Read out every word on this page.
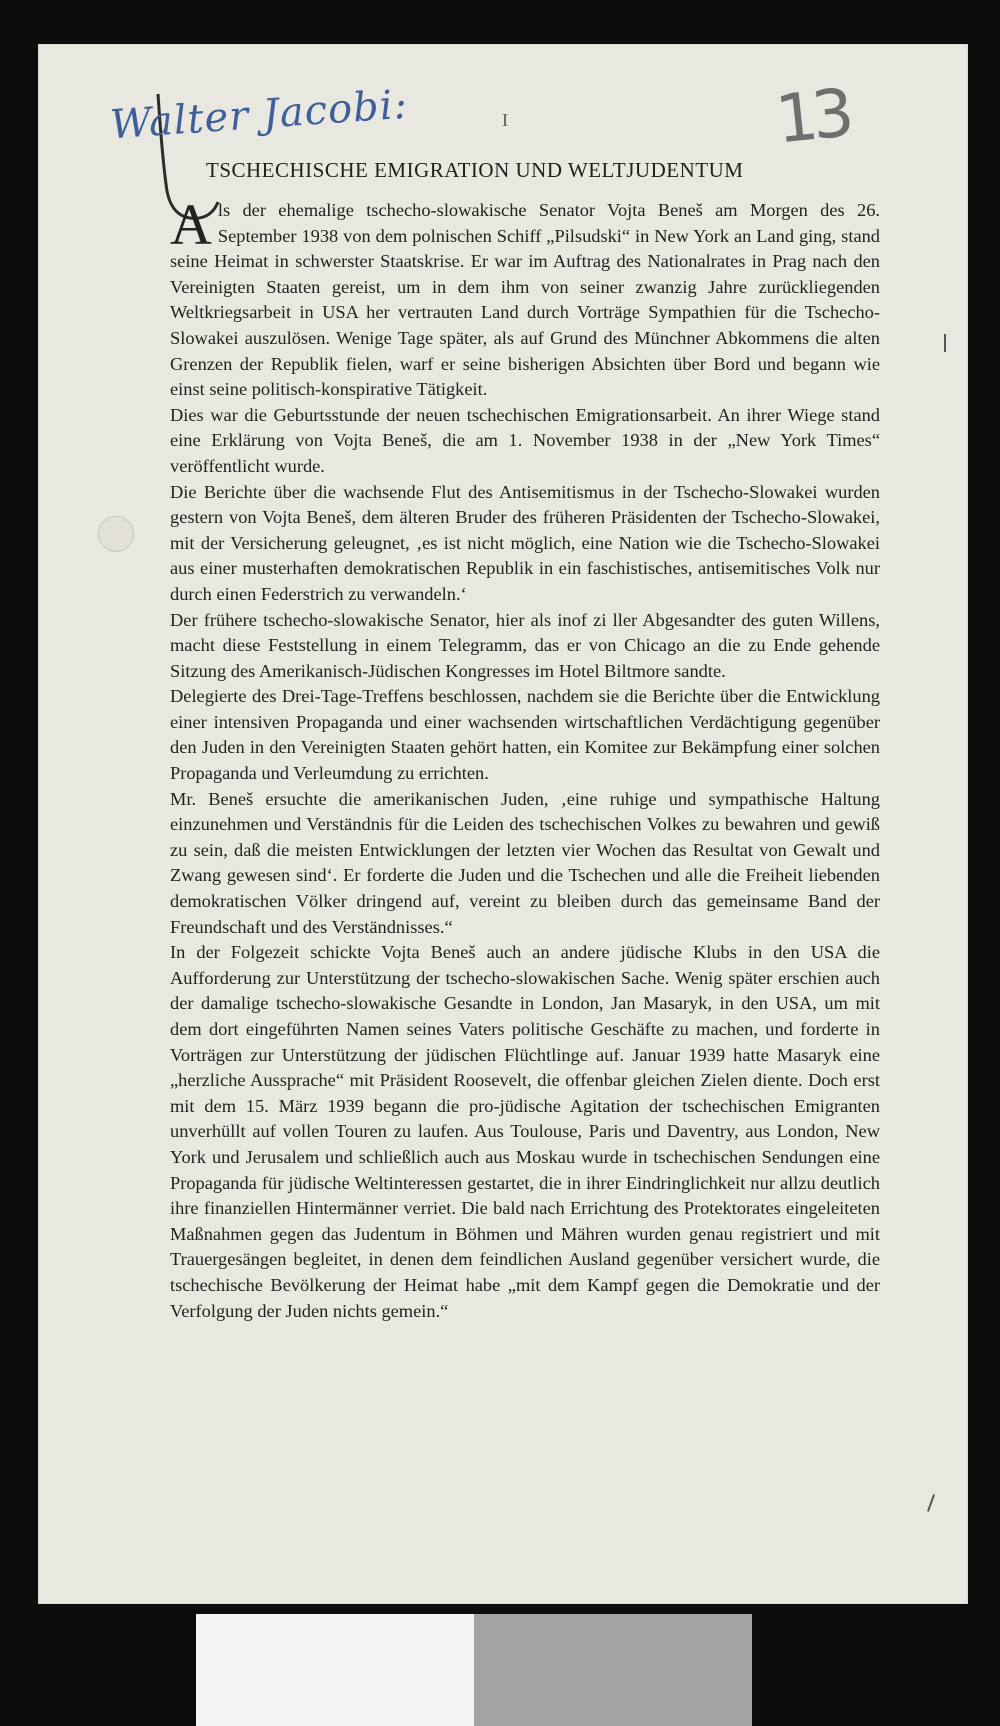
Walter Jacobi:	I	13
TSCHECHISCHE EMIGRATION UND WELTJUDENTUM

Als der ehemalige tschecho-slowakische Senator Vojta Beneš am Morgen des 26. September 1938 von dem polnischen Schiff „Pilsudski“ in New York an Land ging, stand seine Heimat in schwerster Staatskrise. Er war im Auftrag des Nationalrates in Prag nach den Vereinigten Staaten gereist, um in dem ihm von seiner zwanzig Jahre zurückliegenden Weltkriegsarbeit in USA her vertrauten Land durch Vorträge Sympathien für die Tschecho-Slowakei auszulösen. Wenige Tage später, als auf Grund des Münchner Abkommens die alten Grenzen der Republik fielen, warf er seine bisherigen Absichten über Bord und begann wie einst seine politisch-konspirative Tätigkeit.

Dies war die Geburtsstunde der neuen tschechischen Emigrationsarbeit. An ihrer Wiege stand eine Erklärung von Vojta Beneš, die am 1. November 1938 in der „New York Times“ veröffentlicht wurde.

Die Berichte über die wachsende Flut des Antisemitismus in der Tschecho-Slowakei wurden gestern von Vojta Beneš, dem älteren Bruder des früheren Präsidenten der Tschecho-Slowakei, mit der Versicherung geleugnet, ‚es ist nicht möglich, eine Nation wie die Tschecho-Slowakei aus einer musterhaften demokratischen Republik in ein faschistisches, antisemitisches Volk nur durch einen Federstrich zu verwandeln.‘

Der frühere tschecho-slowakische Senator, hier als inof zi ller Abgesandter des guten Willens, macht diese Feststellung in einem Telegramm, das er von Chicago an die zu Ende gehende Sitzung des Amerikanisch-Jüdischen Kongresses im Hotel Biltmore sandte.

Delegierte des Drei-Tage-Treffens beschlossen, nachdem sie die Berichte über die Entwicklung einer intensiven Propaganda und einer wachsenden wirtschaftlichen Verdächtigung gegenüber den Juden in den Vereinigten Staaten gehört hatten, ein Komitee zur Bekämpfung einer solchen Propaganda und Verleumdung zu errichten.

Mr. Beneš ersuchte die amerikanischen Juden, ‚eine ruhige und sympathische Haltung einzunehmen und Verständnis für die Leiden des tschechischen Volkes zu bewahren und gewiß zu sein, daß die meisten Entwicklungen der letzten vier Wochen das Resultat von Gewalt und Zwang gewesen sind‘. Er forderte die Juden und die Tschechen und alle die Freiheit liebenden demokratischen Völker dringend auf, vereint zu bleiben durch das gemeinsame Band der Freundschaft und des Verständnisses.“

In der Folgezeit schickte Vojta Beneš auch an andere jüdische Klubs in den USA die Aufforderung zur Unterstützung der tschecho-slowakischen Sache. Wenig später erschien auch der damalige tschecho-slowakische Gesandte in London, Jan Masaryk, in den USA, um mit dem dort eingeführten Namen seines Vaters politische Geschäfte zu machen, und forderte in Vorträgen zur Unterstützung der jüdischen Flüchtlinge auf. Januar 1939 hatte Masaryk eine „herzliche Aussprache“ mit Präsident Roosevelt, die offenbar gleichen Zielen diente. Doch erst mit dem 15. März 1939 begann die pro-jüdische Agitation der tschechischen Emigranten unverhüllt auf vollen Touren zu laufen. Aus Toulouse, Paris und Daventry, aus London, New York und Jerusalem und schließlich auch aus Moskau wurde in tschechischen Sendungen eine Propaganda für jüdische Weltinteressen gestartet, die in ihrer Eindringlichkeit nur allzu deutlich ihre finanziellen Hintermänner verriet. Die bald nach Errichtung des Protektorates eingeleiteten Maßnahmen gegen das Judentum in Böhmen und Mähren wurden genau registriert und mit Trauergesängen begleitet, in denen dem feindlichen Ausland gegenüber versichert wurde, die tschechische Bevölkerung der Heimat habe „mit dem Kampf gegen die Demokratie und der Verfolgung der Juden nichts gemein.“
